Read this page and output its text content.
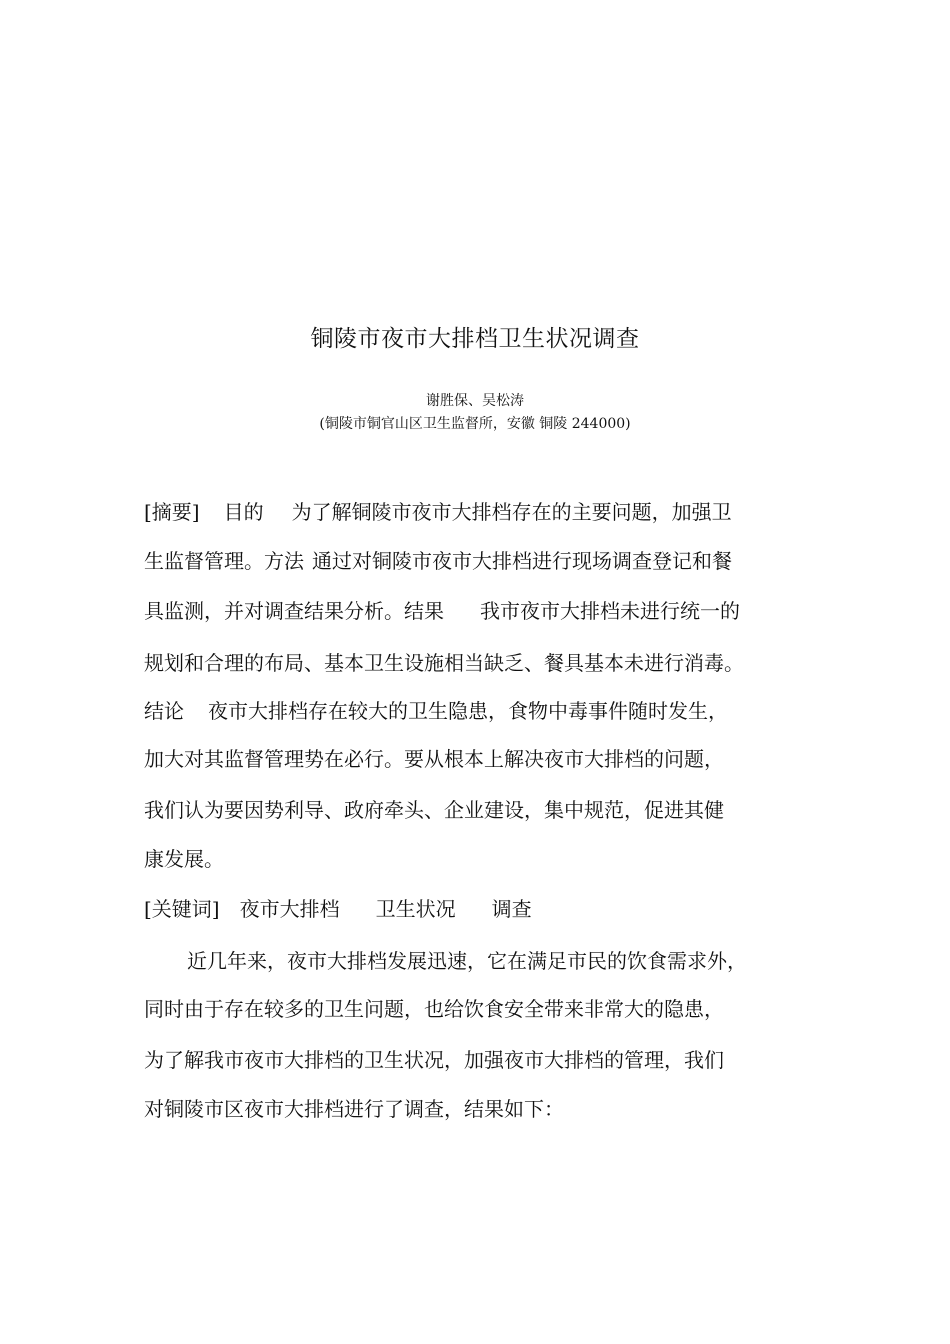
铜陵市夜市大排档卫生状况调查
谢胜保、吴松涛
(铜陵市铜官山区卫生监督所，安徽 铜陵 244000)
[摘要] 目的 为了解铜陵市夜市大排档存在的主要问题，加强卫
生监督管理。方法 通过对铜陵市夜市大排档进行现场调查登记和餐
具监测，并对调查结果分析。结果 我市夜市大排档未进行统一的
规划和合理的布局、基本卫生设施相当缺乏、餐具基本未进行消毒。
结论 夜市大排档存在较大的卫生隐患，食物中毒事件随时发生，
加大对其监督管理势在必行。要从根本上解决夜市大排档的问题，
我们认为要因势利导、政府牵头、企业建设，集中规范，促进其健
康发展。
[关键词] 夜市大排档 卫生状况 调查
近几年来，夜市大排档发展迅速，它在满足市民的饮食需求外，
同时由于存在较多的卫生问题，也给饮食安全带来非常大的隐患，
为了解我市夜市大排档的卫生状况，加强夜市大排档的管理，我们
对铜陵市区夜市大排档进行了调查，结果如下：
